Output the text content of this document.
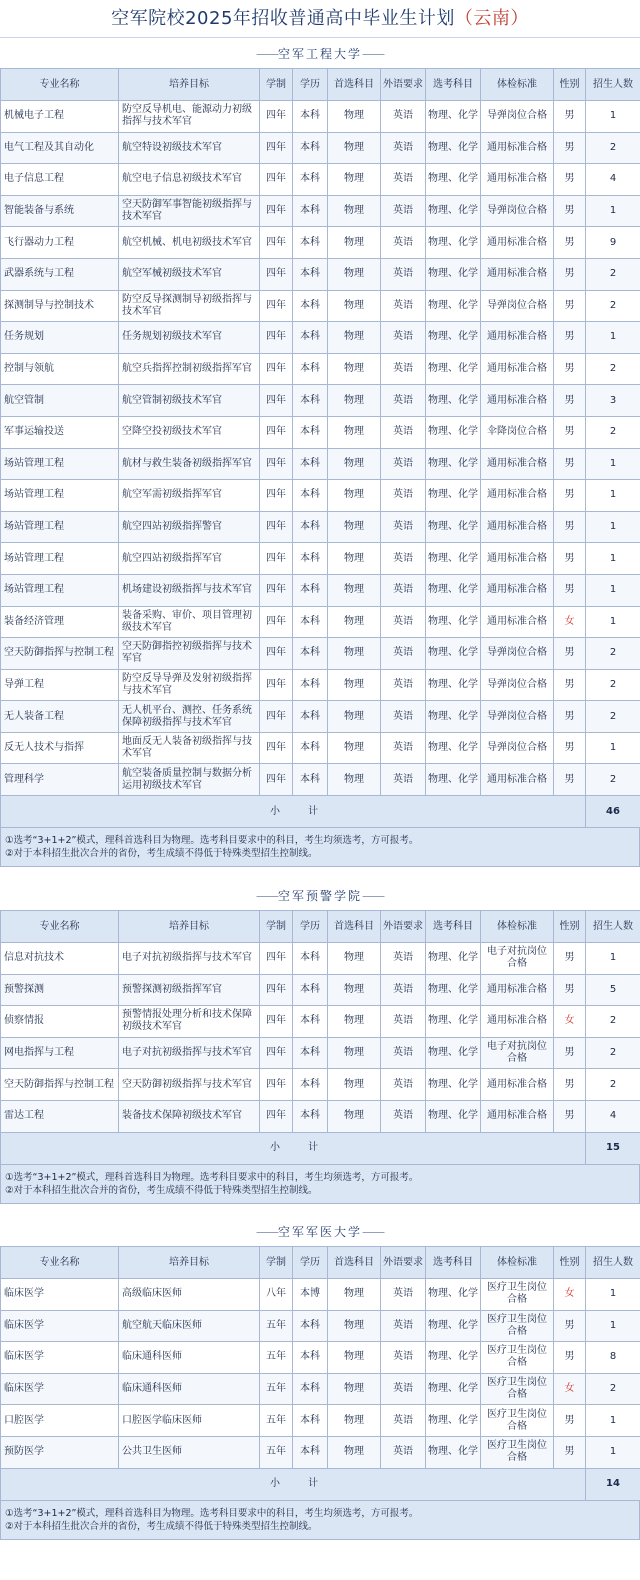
空军院校2025年招收普通高中毕业生计划（云南）
——空军工程大学——
专业名称	培养目标	学制	学历	首选科目	外语要求	选考科目	体检标准	性别	招生人数
机械电子工程	防空反导机电、能源动力初级指挥与技术军官	四年	本科	物理	英语	物理、化学	导弹岗位合格	男	1
电气工程及其自动化	航空特设初级技术军官	四年	本科	物理	英语	物理、化学	通用标准合格	男	2
电子信息工程	航空电子信息初级技术军官	四年	本科	物理	英语	物理、化学	通用标准合格	男	4
智能装备与系统	空天防御军事智能初级指挥与技术军官	四年	本科	物理	英语	物理、化学	导弹岗位合格	男	1
飞行器动力工程	航空机械、机电初级技术军官	四年	本科	物理	英语	物理、化学	通用标准合格	男	9
武器系统与工程	航空军械初级技术军官	四年	本科	物理	英语	物理、化学	通用标准合格	男	2
探测制导与控制技术	防空反导探测制导初级指挥与技术军官	四年	本科	物理	英语	物理、化学	导弹岗位合格	男	2
任务规划	任务规划初级技术军官	四年	本科	物理	英语	物理、化学	通用标准合格	男	1
控制与领航	航空兵指挥控制初级指挥军官	四年	本科	物理	英语	物理、化学	通用标准合格	男	2
航空管制	航空管制初级技术军官	四年	本科	物理	英语	物理、化学	通用标准合格	男	3
军事运输投送	空降空投初级技术军官	四年	本科	物理	英语	物理、化学	伞降岗位合格	男	2
场站管理工程	航材与救生装备初级指挥军官	四年	本科	物理	英语	物理、化学	通用标准合格	男	1
场站管理工程	航空军需初级指挥军官	四年	本科	物理	英语	物理、化学	通用标准合格	男	1
场站管理工程	航空四站初级指挥警官	四年	本科	物理	英语	物理、化学	通用标准合格	男	1
场站管理工程	航空四站初级指挥军官	四年	本科	物理	英语	物理、化学	通用标准合格	男	1
场站管理工程	机场建设初级指挥与技术军官	四年	本科	物理	英语	物理、化学	通用标准合格	男	1
装备经济管理	装备采购、审价、项目管理初级技术军官	四年	本科	物理	英语	物理、化学	通用标准合格	女	1
空天防御指挥与控制工程	空天防御指控初级指挥与技术军官	四年	本科	物理	英语	物理、化学	导弹岗位合格	男	2
导弹工程	防空反导导弹及发射初级指挥与技术军官	四年	本科	物理	英语	物理、化学	导弹岗位合格	男	2
无人装备工程	无人机平台、测控、任务系统保障初级指挥与技术军官	四年	本科	物理	英语	物理、化学	导弹岗位合格	男	2
反无人技术与指挥	地面反无人装备初级指挥与技术军官	四年	本科	物理	英语	物理、化学	导弹岗位合格	男	1
管理科学	航空装备质量控制与数据分析运用初级技术军官	四年	本科	物理	英语	物理、化学	通用标准合格	男	2
小计									46
①选考“3+1+2”模式，理科首选科目为物理。选考科目要求中的科目，考生均须选考，方可报考。
②对于本科招生批次合并的省份，考生成绩不得低于特殊类型招生控制线。
——空军预警学院——
专业名称	培养目标	学制	学历	首选科目	外语要求	选考科目	体检标准	性别	招生人数
信息对抗技术	电子对抗初级指挥与技术军官	四年	本科	物理	英语	物理、化学	电子对抗岗位合格	男	1
预警探测	预警探测初级指挥军官	四年	本科	物理	英语	物理、化学	通用标准合格	男	5
侦察情报	预警情报处理分析和技术保障初级技术军官	四年	本科	物理	英语	物理、化学	通用标准合格	女	2
网电指挥与工程	电子对抗初级指挥与技术军官	四年	本科	物理	英语	物理、化学	电子对抗岗位合格	男	2
空天防御指挥与控制工程	空天防御初级指挥与技术军官	四年	本科	物理	英语	物理、化学	通用标准合格	男	2
雷达工程	装备技术保障初级技术军官	四年	本科	物理	英语	物理、化学	通用标准合格	男	4
小计									15
①选考“3+1+2”模式，理科首选科目为物理。选考科目要求中的科目，考生均须选考，方可报考。
②对于本科招生批次合并的省份，考生成绩不得低于特殊类型招生控制线。
——空军军医大学——
专业名称	培养目标	学制	学历	首选科目	外语要求	选考科目	体检标准	性别	招生人数
临床医学	高级临床医师	八年	本博	物理	英语	物理、化学	医疗卫生岗位合格	女	1
临床医学	航空航天临床医师	五年	本科	物理	英语	物理、化学	医疗卫生岗位合格	男	1
临床医学	临床通科医师	五年	本科	物理	英语	物理、化学	医疗卫生岗位合格	男	8
临床医学	临床通科医师	五年	本科	物理	英语	物理、化学	医疗卫生岗位合格	女	2
口腔医学	口腔医学临床医师	五年	本科	物理	英语	物理、化学	医疗卫生岗位合格	男	1
预防医学	公共卫生医师	五年	本科	物理	英语	物理、化学	医疗卫生岗位合格	男	1
小计									14
①选考“3+1+2”模式，理科首选科目为物理。选考科目要求中的科目，考生均须选考，方可报考。
②对于本科招生批次合并的省份，考生成绩不得低于特殊类型招生控制线。
